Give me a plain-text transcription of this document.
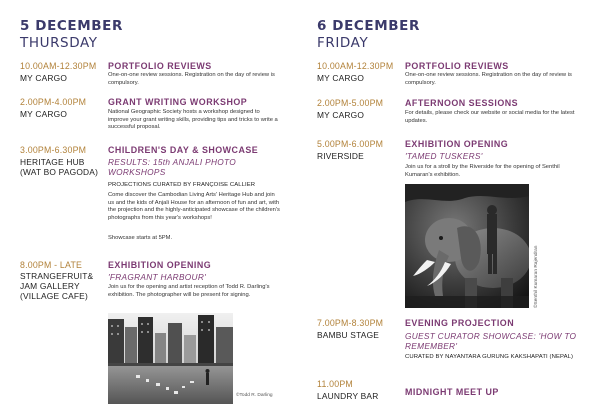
5 DECEMBER
THURSDAY
10.00AM-12.30PM
MY CARGO
PORTFOLIO REVIEWS
One-on-one review sessions. Registration on the day of review is compulsory.
2.00PM-4.00PM
MY CARGO
GRANT WRITING WORKSHOP
National Geographic Society hosts a workshop designed to improve your grant writing skills, providing tips and tricks to write a successful proposal.
3.00PM-6.30PM
HERITAGE HUB (WAT BO PAGODA)
CHILDREN'S DAY & SHOWCASE
RESULTS: 15th ANJALI PHOTO WORKSHOPS
PROJECTIONS CURATED BY FRANÇOISE CALLIER
Come discover the Cambodian Living Arts' Heritage Hub and join us and the kids of Anjali House for an afternoon of fun and art, with the projection and the highly-anticipated showcase of the children's photographs from this year's workshops!
Showcase starts at 5PM.
8.00PM - LATE
STRANGEFRUIT& JAM GALLERY (VILLAGE CAFE)
EXHIBITION OPENING
'FRAGRANT HARBOUR'
Join us for the opening and artist reception of Todd R. Darling's exhibition. The photographer will be present for signing.
©Todd R. Darling
6 DECEMBER
FRIDAY
10.00AM-12.30PM
MY CARGO
PORTFOLIO REVIEWS
One-on-one review sessions. Registration on the day of review is compulsory.
2.00PM-5.00PM
MY CARGO
AFTERNOON SESSIONS
For details, please check our website or social media for the latest updates.
5.00PM-6.00PM
RIVERSIDE
EXHIBITION OPENING
'TAMED TUSKERS'
Join us for a stroll by the Riverside for the opening of Senthil Kumaran's exhibition.
©Senthil Kumaran Rajendran
7.00PM-8.30PM
BAMBU STAGE
EVENING PROJECTION
GUEST CURATOR SHOWCASE: 'HOW TO REMEMBER'
CURATED BY NAYANTARA GURUNG KAKSHAPATI (NEPAL)
11.00PM
LAUNDRY BAR	MIDNIGHT MEET UP
